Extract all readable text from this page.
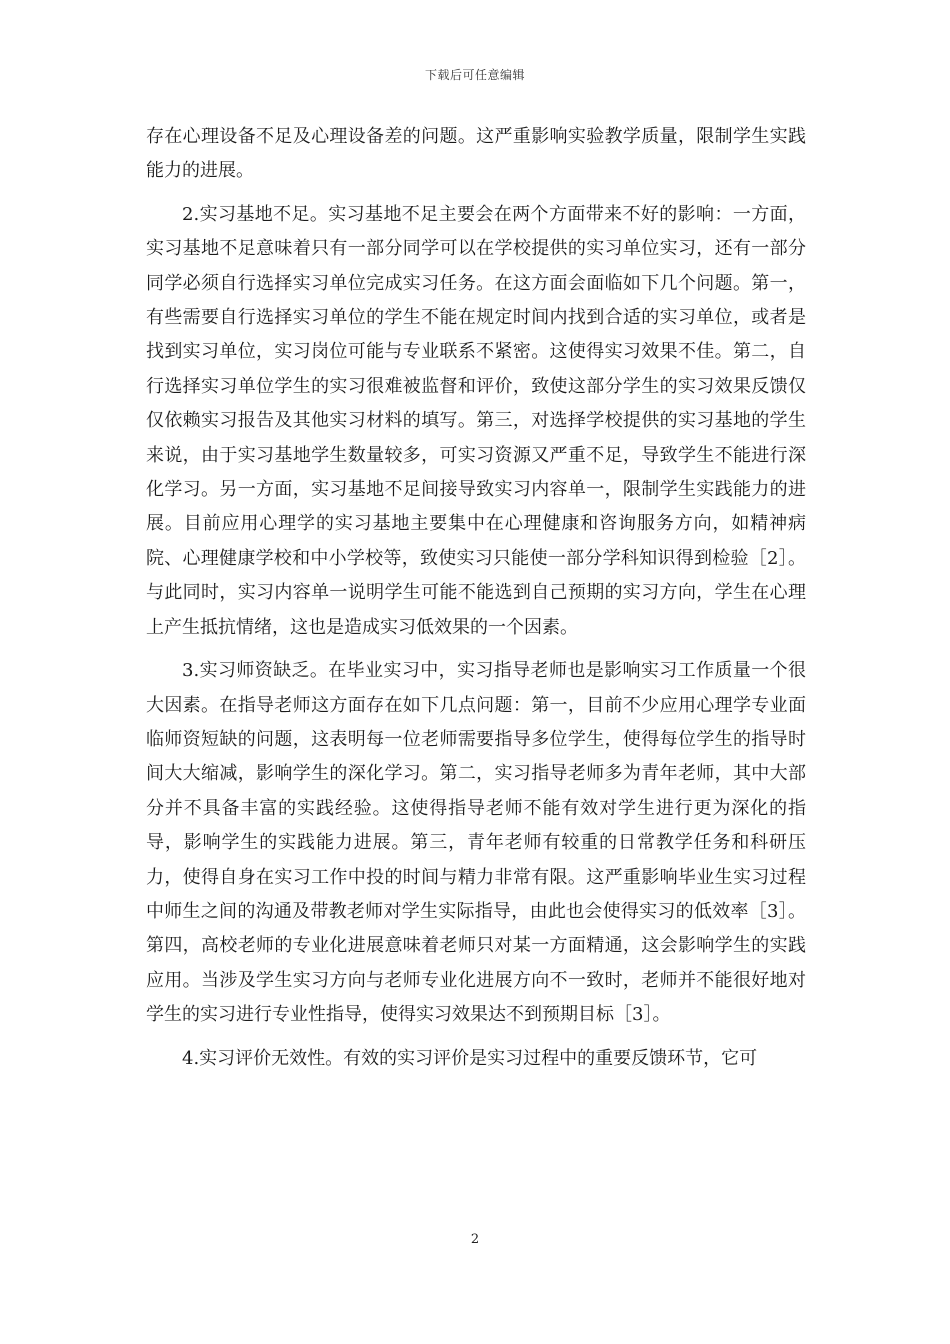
下载后可任意编辑

存在心理设备不足及心理设备差的问题。这严重影响实验教学质量，限制学生实践能力的进展。

2.实习基地不足。实习基地不足主要会在两个方面带来不好的影响：一方面，实习基地不足意味着只有一部分同学可以在学校提供的实习单位实习，还有一部分同学必须自行选择实习单位完成实习任务。在这方面会面临如下几个问题。第一，有些需要自行选择实习单位的学生不能在规定时间内找到合适的实习单位，或者是找到实习单位，实习岗位可能与专业联系不紧密。这使得实习效果不佳。第二，自行选择实习单位学生的实习很难被监督和评价，致使这部分学生的实习效果反馈仅仅依赖实习报告及其他实习材料的填写。第三，对选择学校提供的实习基地的学生来说，由于实习基地学生数量较多，可实习资源又严重不足，导致学生不能进行深化学习。另一方面，实习基地不足间接导致实习内容单一，限制学生实践能力的进展。目前应用心理学的实习基地主要集中在心理健康和咨询服务方向，如精神病院、心理健康学校和中小学校等，致使实习只能使一部分学科知识得到检验［2］。与此同时，实习内容单一说明学生可能不能选到自己预期的实习方向，学生在心理上产生抵抗情绪，这也是造成实习低效果的一个因素。

3.实习师资缺乏。在毕业实习中，实习指导老师也是影响实习工作质量一个很大因素。在指导老师这方面存在如下几点问题：第一，目前不少应用心理学专业面临师资短缺的问题，这表明每一位老师需要指导多位学生，使得每位学生的指导时间大大缩减，影响学生的深化学习。第二，实习指导老师多为青年老师，其中大部分并不具备丰富的实践经验。这使得指导老师不能有效对学生进行更为深化的指导，影响学生的实践能力进展。第三，青年老师有较重的日常教学任务和科研压力，使得自身在实习工作中投的时间与精力非常有限。这严重影响毕业生实习过程中师生之间的沟通及带教老师对学生实际指导，由此也会使得实习的低效率［3］。第四，高校老师的专业化进展意味着老师只对某一方面精通，这会影响学生的实践应用。当涉及学生实习方向与老师专业化进展方向不一致时，老师并不能很好地对学生的实习进行专业性指导，使得实习效果达不到预期目标［3］。

4.实习评价无效性。有效的实习评价是实习过程中的重要反馈环节，它可

2
